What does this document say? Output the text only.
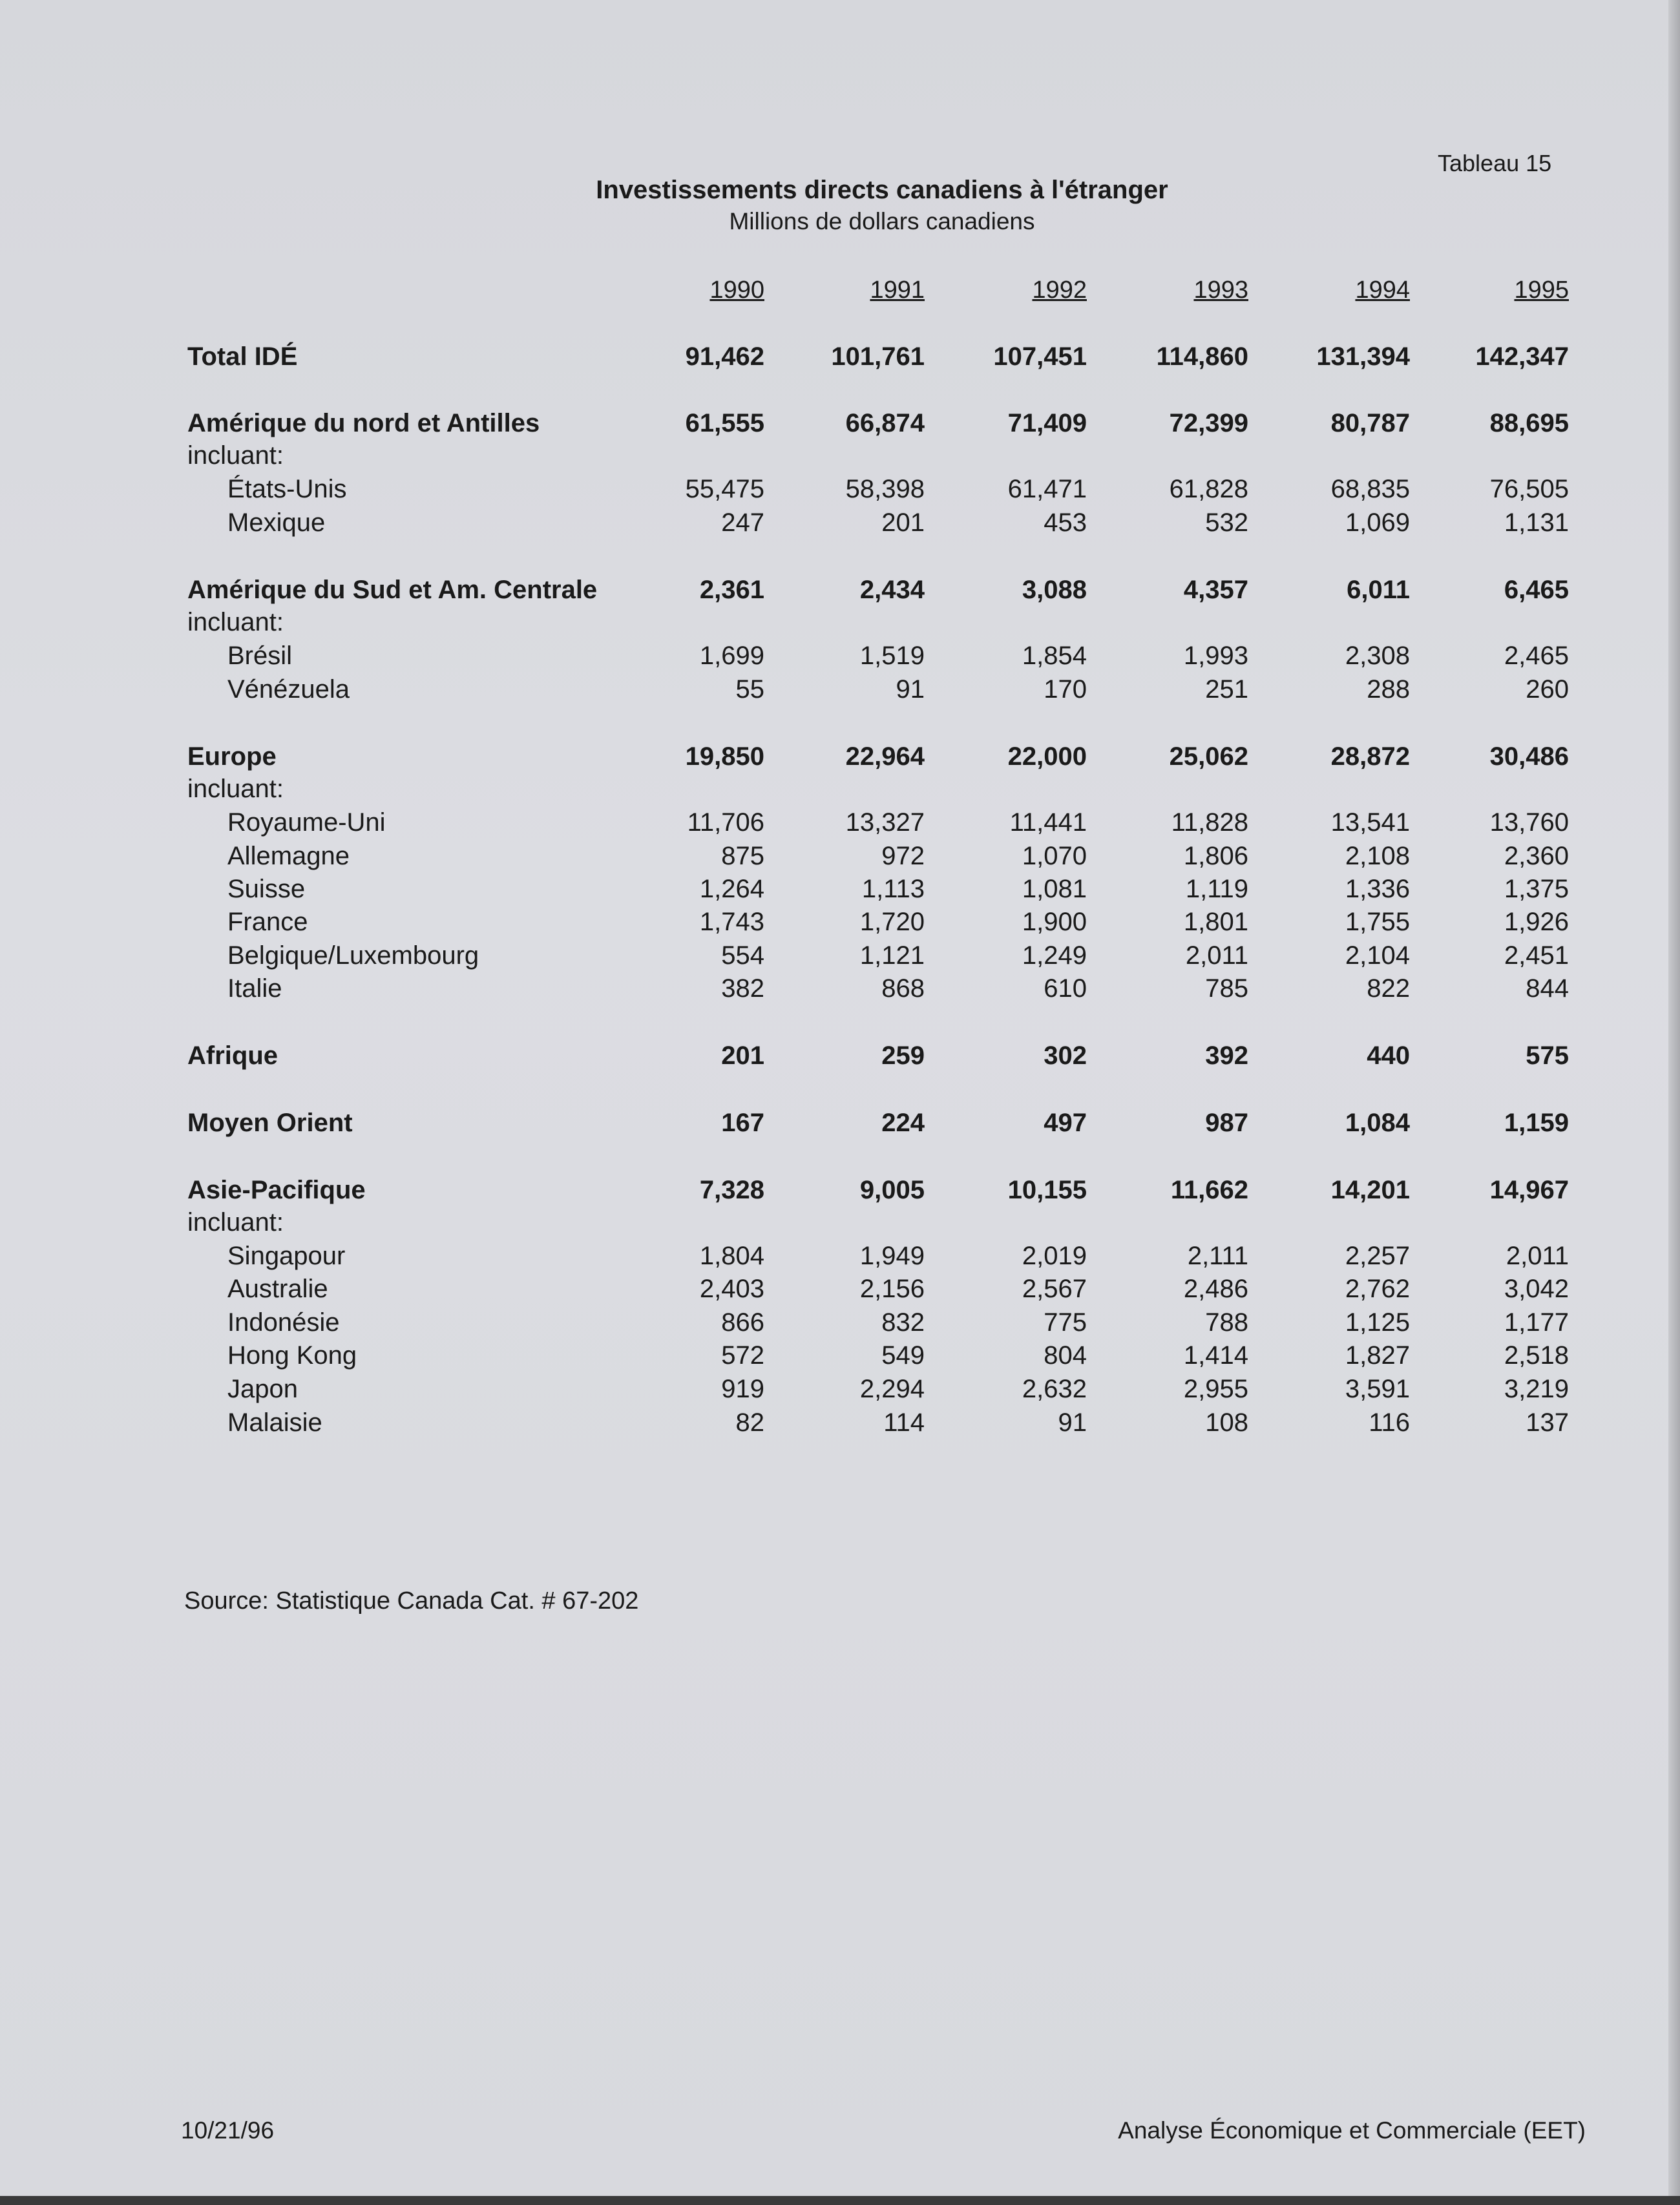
Tableau 15
Investissements directs canadiens à l'étranger
Millions de dollars canadiens
1990	1991	1992	1993	1994	1995
Total IDÉ	91,462	101,761	107,451	114,860	131,394	142,347
Amérique du nord et Antilles	61,555	66,874	71,409	72,399	80,787	88,695
incluant:
États-Unis	55,475	58,398	61,471	61,828	68,835	76,505
Mexique	247	201	453	532	1,069	1,131
Amérique du Sud et Am. Centrale	2,361	2,434	3,088	4,357	6,011	6,465
incluant:
Brésil	1,699	1,519	1,854	1,993	2,308	2,465
Vénézuela	55	91	170	251	288	260
Europe	19,850	22,964	22,000	25,062	28,872	30,486
incluant:
Royaume-Uni	11,706	13,327	11,441	11,828	13,541	13,760
Allemagne	875	972	1,070	1,806	2,108	2,360
Suisse	1,264	1,113	1,081	1,119	1,336	1,375
France	1,743	1,720	1,900	1,801	1,755	1,926
Belgique/Luxembourg	554	1,121	1,249	2,011	2,104	2,451
Italie	382	868	610	785	822	844
Afrique	201	259	302	392	440	575
Moyen Orient	167	224	497	987	1,084	1,159
Asie-Pacifique	7,328	9,005	10,155	11,662	14,201	14,967
incluant:
Singapour	1,804	1,949	2,019	2,111	2,257	2,011
Australie	2,403	2,156	2,567	2,486	2,762	3,042
Indonésie	866	832	775	788	1,125	1,177
Hong Kong	572	549	804	1,414	1,827	2,518
Japon	919	2,294	2,632	2,955	3,591	3,219
Malaisie	82	114	91	108	116	137
Source: Statistique Canada Cat. # 67-202
10/21/96	Analyse Économique et Commerciale (EET)
